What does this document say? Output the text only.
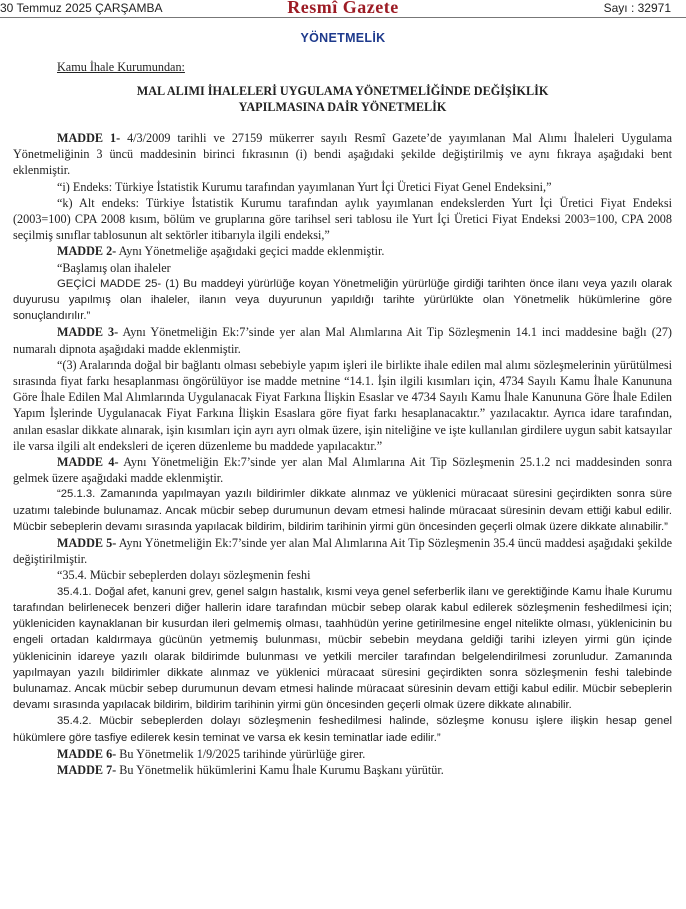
30 Temmuz 2025 ÇARŞAMBA	Resmî Gazete	Sayı : 32971
YÖNETMELİK
Kamu İhale Kurumundan:
MAL ALIMI İHALELERİ UYGULAMA YÖNETMELİĞİNDE DEĞİŞİKLİK
YAPILMASINA DAİR YÖNETMELİK

MADDE 1- 4/3/2009 tarihli ve 27159 mükerrer sayılı Resmî Gazete’de yayımlanan Mal Alımı İhaleleri Uygulama Yönetmeliğinin 3 üncü maddesinin birinci fıkrasının (i) bendi aşağıdaki şekilde değiştirilmiş ve aynı fıkraya aşağıdaki bent eklenmiştir.

“i) Endeks: Türkiye İstatistik Kurumu tarafından yayımlanan Yurt İçi Üretici Fiyat Genel Endeksini,”

“k) Alt endeks: Türkiye İstatistik Kurumu tarafından aylık yayımlanan endekslerden Yurt İçi Üretici Fiyat Endeksi (2003=100) CPA 2008 kısım, bölüm ve gruplarına göre tarihsel seri tablosu ile Yurt İçi Üretici Fiyat Endeksi 2003=100, CPA 2008 seçilmiş sınıflar tablosunun alt sektörler itibarıyla ilgili endeksi,”

MADDE 2- Aynı Yönetmeliğe aşağıdaki geçici madde eklenmiştir.

“Başlamış olan ihaleler

GEÇİCİ MADDE 25- (1) Bu maddeyi yürürlüğe koyan Yönetmeliğin yürürlüğe girdiği tarihten önce ilanı veya yazılı olarak duyurusu yapılmış olan ihaleler, ilanın veya duyurunun yapıldığı tarihte yürürlükte olan Yönetmelik hükümlerine göre sonuçlandırılır.”

MADDE 3- Aynı Yönetmeliğin Ek:7’sinde yer alan Mal Alımlarına Ait Tip Sözleşmenin 14.1 inci maddesine bağlı (27) numaralı dipnota aşağıdaki madde eklenmiştir.

“(3) Aralarında doğal bir bağlantı olması sebebiyle yapım işleri ile birlikte ihale edilen mal alımı sözleşmelerinin yürütülmesi sırasında fiyat farkı hesaplanması öngörülüyor ise madde metnine “14.1. İşin ilgili kısımları için, 4734 Sayılı Kamu İhale Kanununa Göre İhale Edilen Mal Alımlarında Uygulanacak Fiyat Farkına İlişkin Esaslar ve 4734 Sayılı Kamu İhale Kanununa Göre İhale Edilen Yapım İşlerinde Uygulanacak Fiyat Farkına İlişkin Esaslara göre fiyat farkı hesaplanacaktır.” yazılacaktır. Ayrıca idare tarafından, anılan esaslar dikkate alınarak, işin kısımları için ayrı ayrı olmak üzere, işin niteliğine ve işte kullanılan girdilere uygun sabit katsayılar ile varsa ilgili alt endeksleri de içeren düzenleme bu maddede yapılacaktır.”

MADDE 4- Aynı Yönetmeliğin Ek:7’sinde yer alan Mal Alımlarına Ait Tip Sözleşmenin 25.1.2 nci maddesinden sonra gelmek üzere aşağıdaki madde eklenmiştir.

“25.1.3. Zamanında yapılmayan yazılı bildirimler dikkate alınmaz ve yüklenici müracaat süresini geçirdikten sonra süre uzatımı talebinde bulunamaz. Ancak mücbir sebep durumunun devam etmesi halinde müracaat süresinin devam ettiği kabul edilir. Mücbir sebeplerin devamı sırasında yapılacak bildirim, bildirim tarihinin yirmi gün öncesinden geçerli olmak üzere dikkate alınabilir.”

MADDE 5- Aynı Yönetmeliğin Ek:7’sinde yer alan Mal Alımlarına Ait Tip Sözleşmenin 35.4 üncü maddesi aşağıdaki şekilde değiştirilmiştir.

“35.4. Mücbir sebeplerden dolayı sözleşmenin feshi

35.4.1. Doğal afet, kanuni grev, genel salgın hastalık, kısmi veya genel seferberlik ilanı ve gerektiğinde Kamu İhale Kurumu tarafından belirlenecek benzeri diğer hallerin idare tarafından mücbir sebep olarak kabul edilerek sözleşmenin feshedilmesi için; yükleniciden kaynaklanan bir kusurdan ileri gelmemiş olması, taahhüdün yerine getirilmesine engel nitelikte olması, yüklenicinin bu engeli ortadan kaldırmaya gücünün yetmemiş bulunması, mücbir sebebin meydana geldiği tarihi izleyen yirmi gün içinde yüklenicinin idareye yazılı olarak bildirimde bulunması ve yetkili merciler tarafından belgelendirilmesi zorunludur. Zamanında yapılmayan yazılı bildirimler dikkate alınmaz ve yüklenici müracaat süresini geçirdikten sonra sözleşmenin feshi talebinde bulunamaz. Ancak mücbir sebep durumunun devam etmesi halinde müracaat süresinin devam ettiği kabul edilir. Mücbir sebeplerin devamı sırasında yapılacak bildirim, bildirim tarihinin yirmi gün öncesinden geçerli olmak üzere dikkate alınabilir.

35.4.2. Mücbir sebeplerden dolayı sözleşmenin feshedilmesi halinde, sözleşme konusu işlere ilişkin hesap genel hükümlere göre tasfiye edilerek kesin teminat ve varsa ek kesin teminatlar iade edilir.”

MADDE 6- Bu Yönetmelik 1/9/2025 tarihinde yürürlüğe girer.

MADDE 7- Bu Yönetmelik hükümlerini Kamu İhale Kurumu Başkanı yürütür.
